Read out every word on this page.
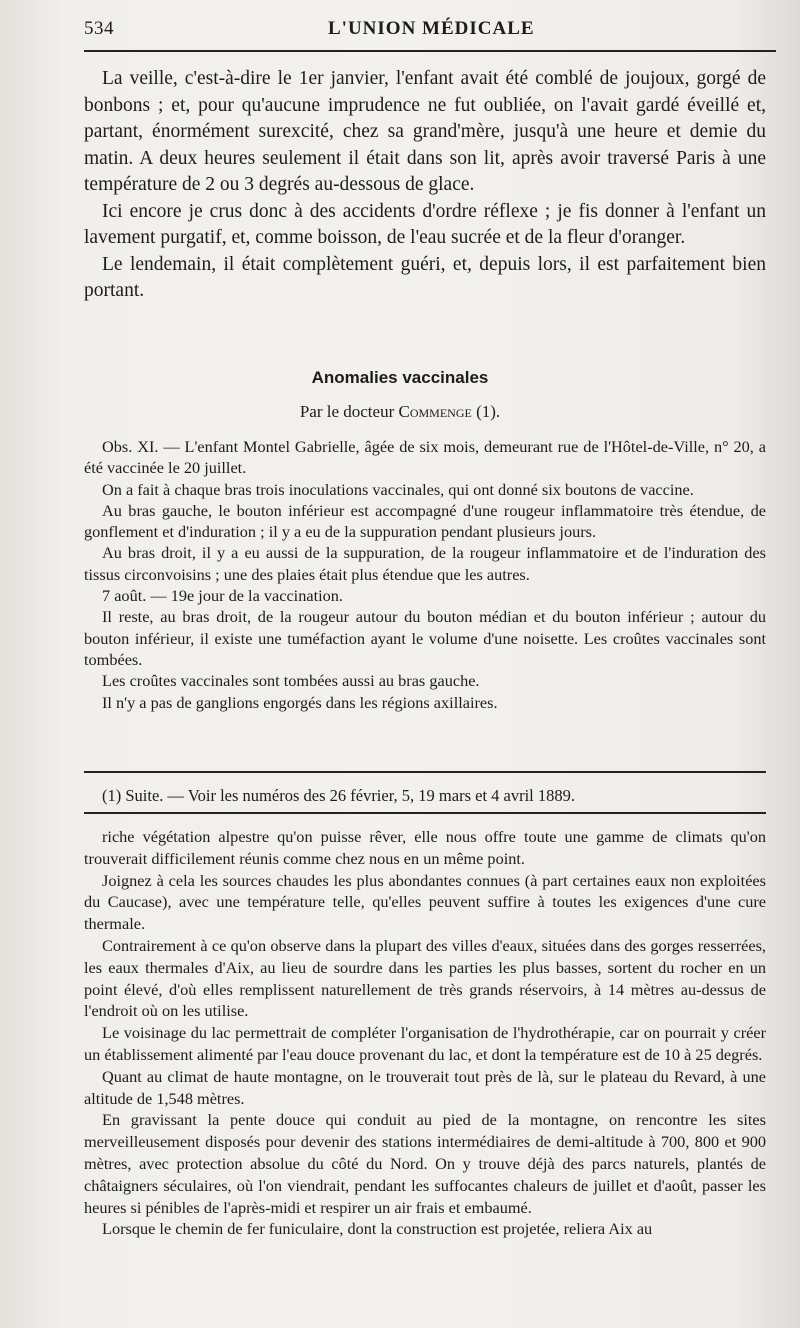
534	L'UNION MÉDICALE

La veille, c'est-à-dire le 1er janvier, l'enfant avait été comblé de joujoux, gorgé de bonbons ; et, pour qu'aucune imprudence ne fut oubliée, on l'avait gardé éveillé et, partant, énormément surexcité, chez sa grand'mère, jusqu'à une heure et demie du matin. A deux heures seulement il était dans son lit, après avoir traversé Paris à une température de 2 ou 3 degrés au-dessous de glace.

Ici encore je crus donc à des accidents d'ordre réflexe ; je fis donner à l'enfant un lavement purgatif, et, comme boisson, de l'eau sucrée et de la fleur d'oranger.

Le lendemain, il était complètement guéri, et, depuis lors, il est parfaitement bien portant.

Anomalies vaccinales
Par le docteur Commenge (1).

Obs. XI. — L'enfant Montel Gabrielle, âgée de six mois, demeurant rue de l'Hôtel-de-Ville, n° 20, a été vaccinée le 20 juillet.

On a fait à chaque bras trois inoculations vaccinales, qui ont donné six boutons de vaccine.

Au bras gauche, le bouton inférieur est accompagné d'une rougeur inflammatoire très étendue, de gonflement et d'induration ; il y a eu de la suppuration pendant plusieurs jours.

Au bras droit, il y a eu aussi de la suppuration, de la rougeur inflammatoire et de l'induration des tissus circonvoisins ; une des plaies était plus étendue que les autres.

7 août. — 19e jour de la vaccination.

Il reste, au bras droit, de la rougeur autour du bouton médian et du bouton inférieur ; autour du bouton inférieur, il existe une tuméfaction ayant le volume d'une noisette. Les croûtes vaccinales sont tombées.

Les croûtes vaccinales sont tombées aussi au bras gauche.

Il n'y a pas de ganglions engorgés dans les régions axillaires.

(1) Suite. — Voir les numéros des 26 février, 5, 19 mars et 4 avril 1889.

riche végétation alpestre qu'on puisse rêver, elle nous offre toute une gamme de climats qu'on trouverait difficilement réunis comme chez nous en un même point.

Joignez à cela les sources chaudes les plus abondantes connues (à part certaines eaux non exploitées du Caucase), avec une température telle, qu'elles peuvent suffire à toutes les exigences d'une cure thermale.

Contrairement à ce qu'on observe dans la plupart des villes d'eaux, situées dans des gorges resserrées, les eaux thermales d'Aix, au lieu de sourdre dans les parties les plus basses, sortent du rocher en un point élevé, d'où elles remplissent naturellement de très grands réservoirs, à 14 mètres au-dessus de l'endroit où on les utilise.

Le voisinage du lac permettrait de compléter l'organisation de l'hydrothérapie, car on pourrait y créer un établissement alimenté par l'eau douce provenant du lac, et dont la température est de 10 à 25 degrés.

Quant au climat de haute montagne, on le trouverait tout près de là, sur le plateau du Revard, à une altitude de 1,548 mètres.

En gravissant la pente douce qui conduit au pied de la montagne, on rencontre les sites merveilleusement disposés pour devenir des stations intermédiaires de demi-altitude à 700, 800 et 900 mètres, avec protection absolue du côté du Nord. On y trouve déjà des parcs naturels, plantés de châtaigners séculaires, où l'on viendrait, pendant les suffocantes chaleurs de juillet et d'août, passer les heures si pénibles de l'après-midi et respirer un air frais et embaumé.

Lorsque le chemin de fer funiculaire, dont la construction est projetée, reliera Aix au
